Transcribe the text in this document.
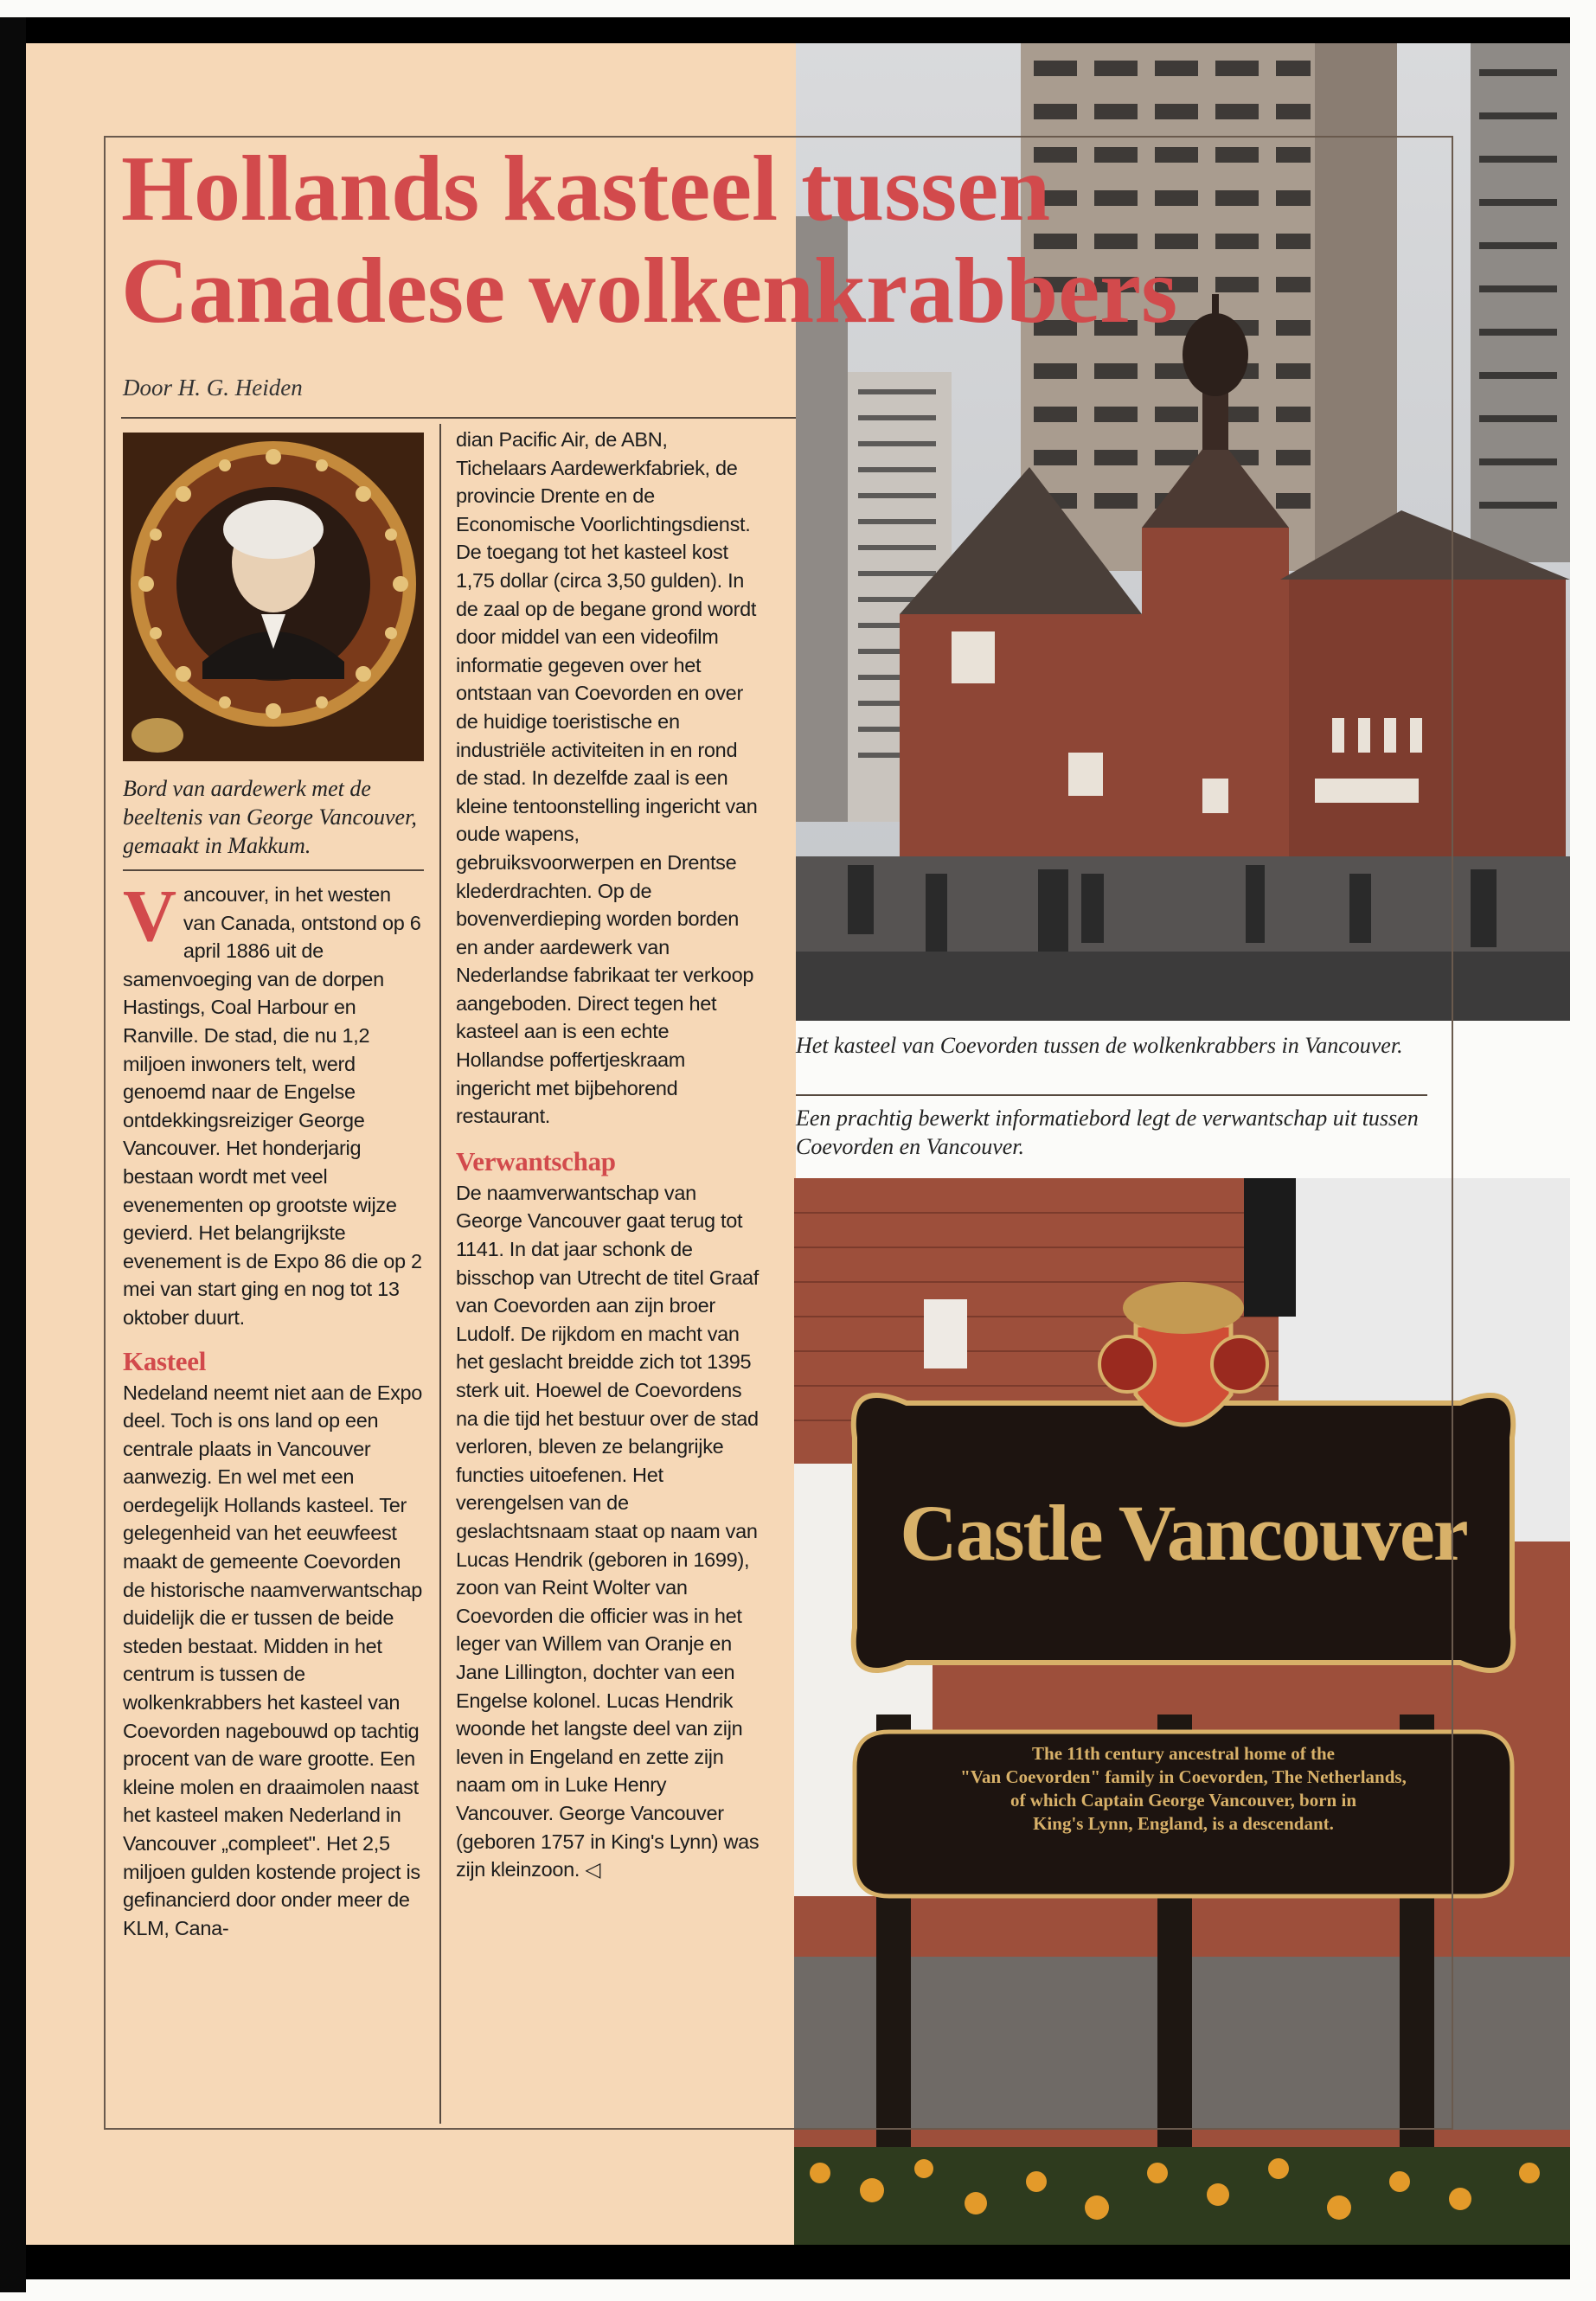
Het kasteel van Coevorden tussen de wolkenkrabbers in Vancouver.
Een prachtig bewerkt informatiebord legt de verwantschap uit tussen Coevorden en Vancouver.
Castle Vancouver
The 11th century ancestral home of the
"Van Coevorden" family in Coevorden, The Netherlands,
of which Captain George Vancouver, born in
King's Lynn, England, is a descendant.
Hollands kasteel tussen
Canadese wolkenkrabbers
Door H. G. Heiden
Bord van aardewerk met de beeltenis van George Vancouver, gemaakt in Makkum.

Vancouver, in het westen van Canada, ontstond op 6 april 1886 uit de samenvoeging van de dorpen Hastings, Coal Harbour en Ranville. De stad, die nu 1,2 miljoen inwoners telt, werd genoemd naar de Engelse ontdekkingsreiziger George Vancouver. Het honderjarig bestaan wordt met veel evenementen op grootste wijze gevierd. Het belangrijkste evenement is de Expo 86 die op 2 mei van start ging en nog tot 13 oktober duurt.

Kasteel

Nedeland neemt niet aan de Expo deel. Toch is ons land op een centrale plaats in Vancouver aanwezig. En wel met een oerdegelijk Hollands kasteel. Ter gelegenheid van het eeuwfeest maakt de gemeente Coevorden de historische naamverwantschap duidelijk die er tussen de beide steden bestaat. Midden in het centrum is tussen de wolkenkrabbers het kasteel van Coevorden nagebouwd op tachtig procent van de ware grootte. Een kleine molen en draaimolen naast het kasteel maken Nederland in Vancouver „compleet". Het 2,5 miljoen gulden kostende project is gefinancierd door onder meer de KLM, Cana-

dian Pacific Air, de ABN, Tichelaars Aardewerkfabriek, de provincie Drente en de Economische Voorlichtingsdienst.

De toegang tot het kasteel kost 1,75 dollar (circa 3,50 gulden). In de zaal op de begane grond wordt door middel van een videofilm informatie gegeven over het ontstaan van Coevorden en over de huidige toeristische en industriële activiteiten in en rond de stad. In dezelfde zaal is een kleine tentoonstelling ingericht van oude wapens, gebruiksvoorwerpen en Drentse klederdrachten. Op de bovenverdieping worden borden en ander aardewerk van Nederlandse fabrikaat ter verkoop aangeboden. Direct tegen het kasteel aan is een echte Hollandse poffertjeskraam ingericht met bijbehorend restaurant.

Verwantschap

De naamverwantschap van George Vancouver gaat terug tot 1141. In dat jaar schonk de bisschop van Utrecht de titel Graaf van Coevorden aan zijn broer Ludolf. De rijkdom en macht van het geslacht breidde zich tot 1395 sterk uit. Hoewel de Coevordens na die tijd het bestuur over de stad verloren, bleven ze belangrijke functies uitoefenen. Het verengelsen van de geslachtsnaam staat op naam van Lucas Hendrik (geboren in 1699), zoon van Reint Wolter van Coevorden die officier was in het leger van Willem van Oranje en Jane Lillington, dochter van een Engelse kolonel. Lucas Hendrik woonde het langste deel van zijn leven in Engeland en zette zijn naam om in Luke Henry Vancouver. George Vancouver (geboren 1757 in King's Lynn) was zijn kleinzoon. ◁
